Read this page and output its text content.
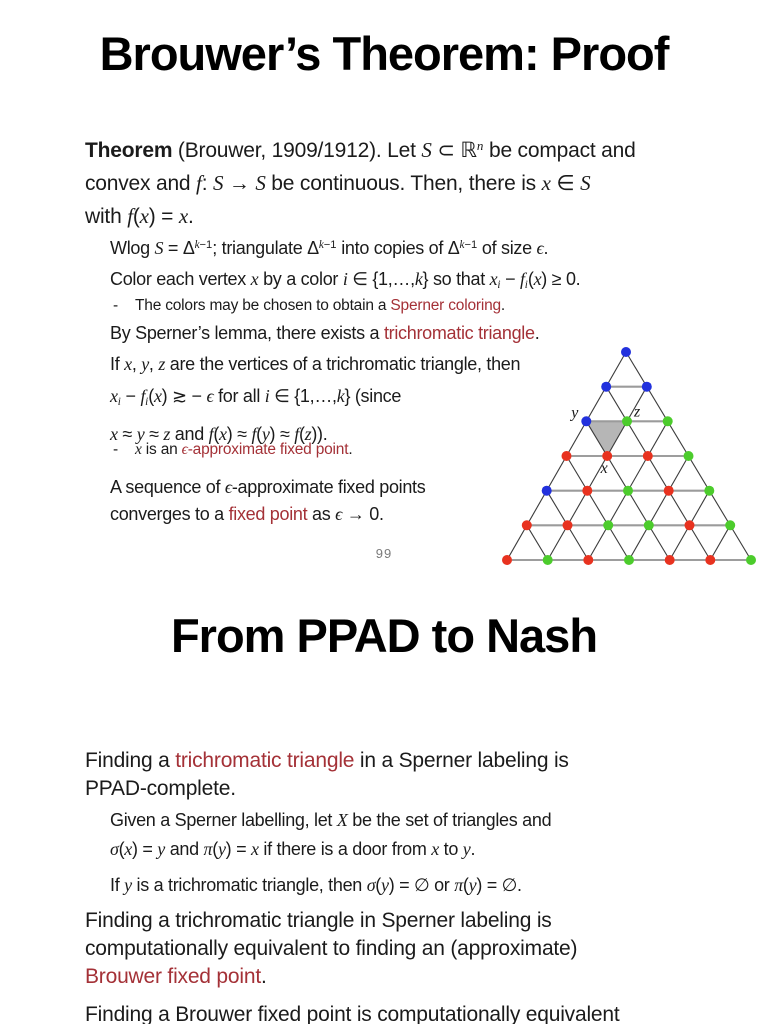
Brouwer’s Theorem: Proof

Theorem (Brouwer, 1909/1912). Let S ⊂ ℝ$^n$ be compact and
convex and f: S → S be continuous. Then, there is x ∈ S
with f(x) = x.

Wlog $S = \Delta^{k-1}$; triangulate $\Delta^{k-1}$ into copies of $\Delta^{k-1}$ of size ϵ.

Color each vertex x by a color i ∈ {1,…,k} so that xi − fi(x) ≥ 0.

-	The colors may be chosen to obtain a Sperner coloring.

By Sperner’s lemma, there exists a trichromatic triangle.

If x, y, z are the vertices of a trichromatic triangle, then
xi − fi(x) ≳ − ϵ for all i ∈ {1,…,k} (since
x ≈ y ≈ z and f(x) ≈ f(y) ≈ f(z)).

-	x is an ϵ-approximate fixed point.

A sequence of ϵ-approximate fixed points
converges to a fixed point as ϵ → 0.

99
y	z
x
From PPAD to Nash

Finding a trichromatic triangle in a Sperner labeling is
PPAD-complete.

Given a Sperner labelling, let X be the set of triangles and
σ(x) = y and π(y) = x if there is a door from x to y.

If y is a trichromatic triangle, then σ(y) = ∅ or π(y) = ∅.

Finding a trichromatic triangle in Sperner labeling is
computationally equivalent to finding an (approximate)
Brouwer fixed point.

Finding a Brouwer fixed point is computationally equivalent
